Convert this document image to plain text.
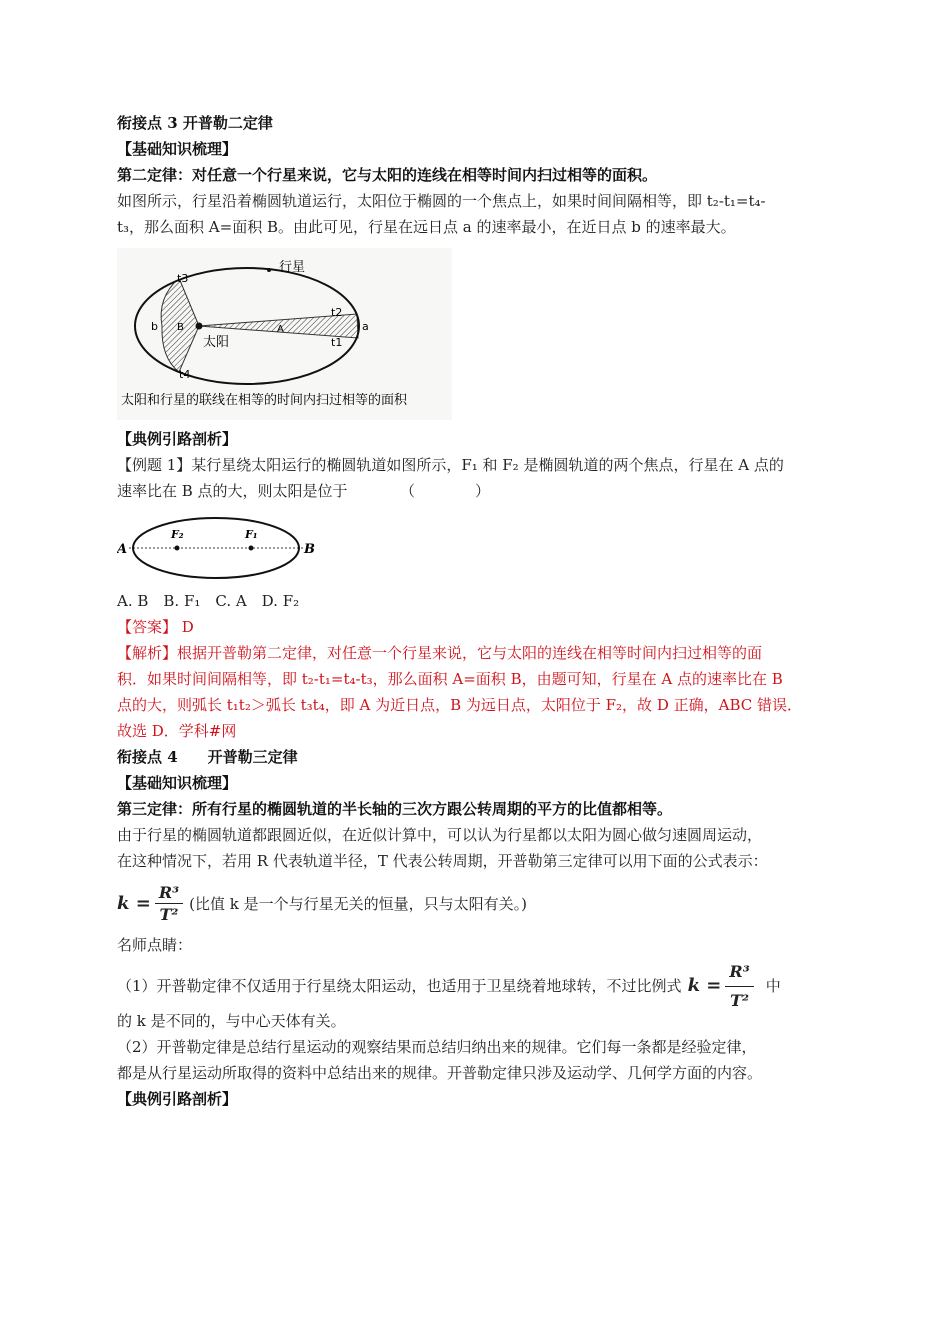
衔接点 3 开普勒二定律
【基础知识梳理】
第二定律：对任意一个行星来说，它与太阳的连线在相等时间内扫过相等的面积。
如图所示，行星沿着椭圆轨道运行，太阳位于椭圆的一个焦点上，如果时间间隔相等，即 t₂-t₁=t₄-
t₃，那么面积 A=面积 B。由此可见，行星在远日点 a 的速率最小，在近日点 b 的速率最大。
行星
太阳
t3
t2
t1
t4
b	a
B	A
太阳和行星的联线在相等的时间内扫过相等的面积
【典例引路剖析】
【例题 1】某行星绕太阳运行的椭圆轨道如图所示，F₁ 和 F₂ 是椭圆轨道的两个焦点，行星在 A 点的
速率比在 B 点的大，则太阳是位于　　　　（　　　　）
A	B
F₂	F₁
A. B　B. F₁　C. A　D. F₂
【答案】 D
【解析】根据开普勒第二定律，对任意一个行星来说，它与太阳的连线在相等时间内扫过相等的面
积．如果时间间隔相等，即 t₂-t₁=t₄-t₃，那么面积 A=面积 B，由题可知，行星在 A 点的速率比在 B
点的大，则弧长 t₁t₂＞弧长 t₃t₄，即 A 为近日点，B 为远日点，太阳位于 F₂，故 D 正确，ABC 错误．
故选 D．学科#网
衔接点 4　　开普勒三定律
【基础知识梳理】
第三定律：所有行星的椭圆轨道的半长轴的三次方跟公转周期的平方的比值都相等。
由于行星的椭圆轨道都跟圆近似，在近似计算中，可以认为行星都以太阳为圆心做匀速圆周运动，
在这种情况下，若用 R 代表轨道半径，T 代表公转周期，开普勒第三定律可以用下面的公式表示：
$k = \frac{\text{R³}}{\text{T²}}$ (比值 k 是一个与行星无关的恒量，只与太阳有关。)
名师点睛：
（1）开普勒定律不仅适用于行星绕太阳运动，也适用于卫星绕着地球转，不过比例式 $k = \frac{\text{R³}}{\text{T²}}$ 中
的 k 是不同的，与中心天体有关。
（2）开普勒定律是总结行星运动的观察结果而总结归纳出来的规律。它们每一条都是经验定律，
都是从行星运动所取得的资料中总结出来的规律。开普勒定律只涉及运动学、几何学方面的内容。
【典例引路剖析】
